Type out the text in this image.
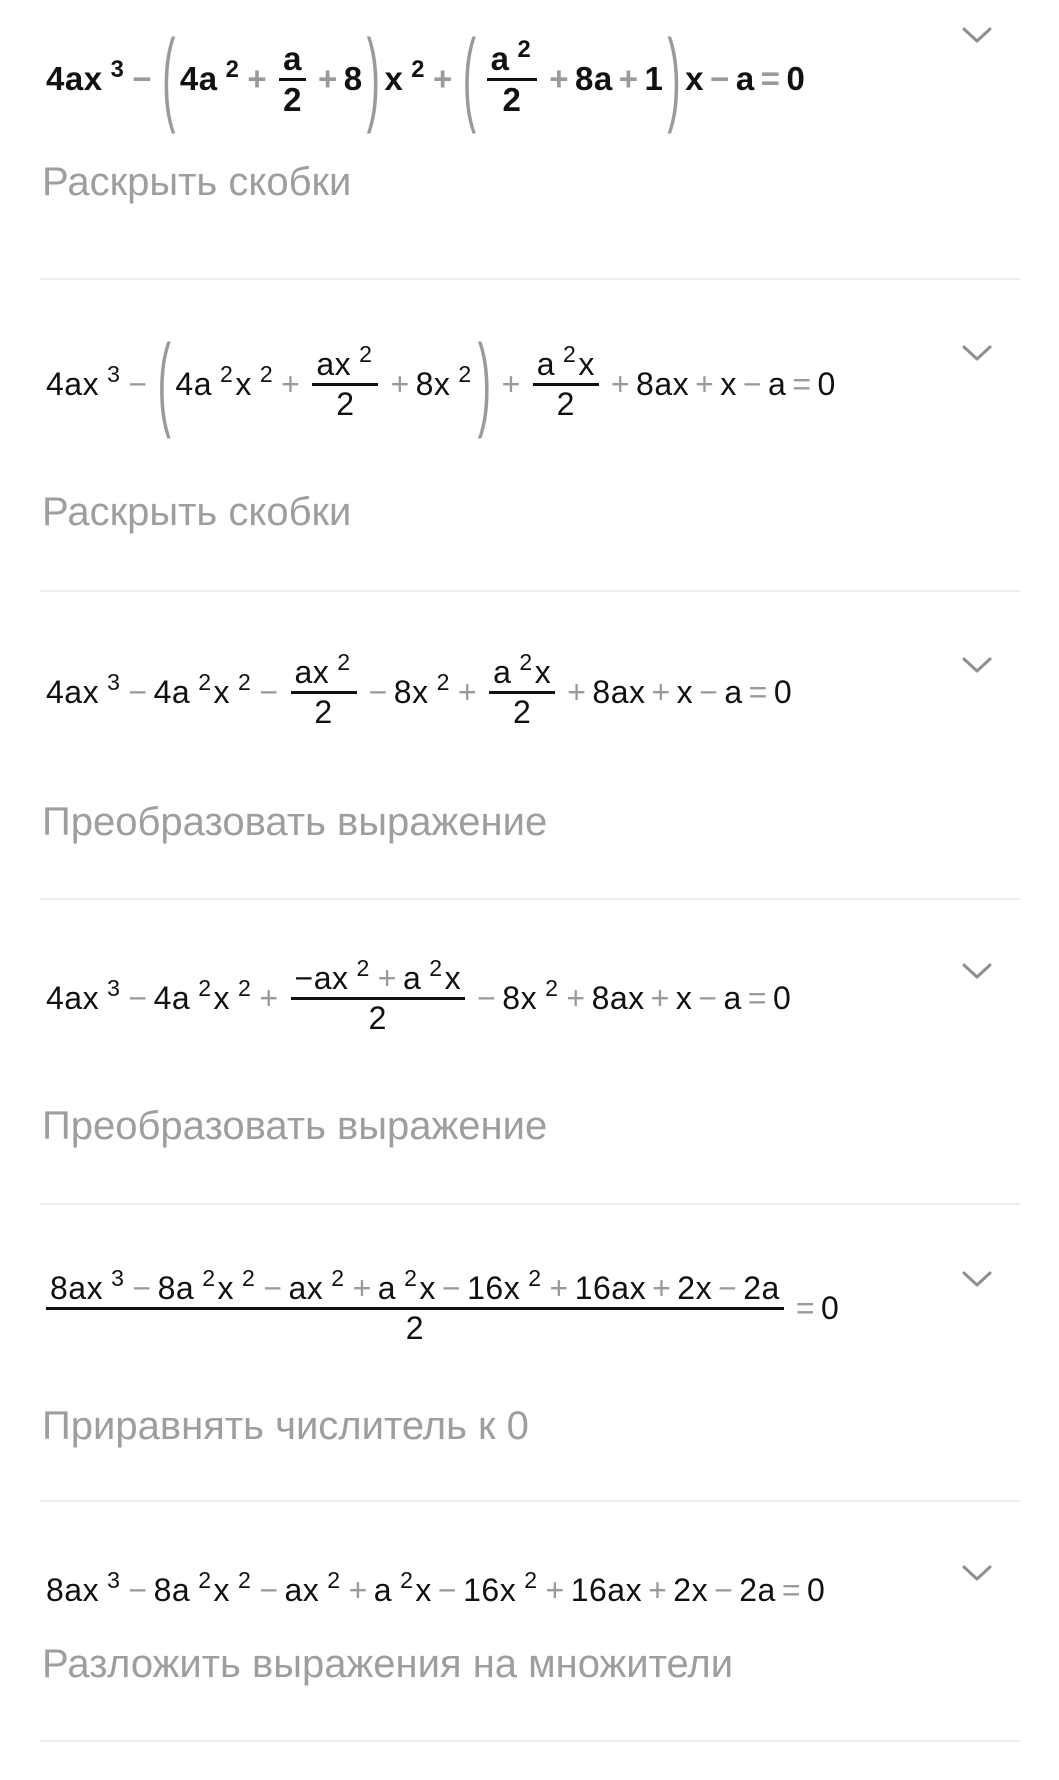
4ax $^3$ − ( 4a $^2 + \frac{a}{2} + 8$ ) x $^2$ + ( $\frac{a ^2}{2} + 8a + 1$ ) x − a = 0
Раскрыть скобки
4ax $^3$ − ( 4a $^2$x $^2 + \frac{ax ^2}{2} + 8x$ $^2$ ) + $\frac{a ^2x}{2} + 8ax + x - a = 0$
Раскрыть скобки
4ax $^3$ − 4a $^2$x $^2 - \frac{ax ^2}{2} - 8x$ $^2 + \frac{a ^2x}{2} + 8ax + x - a = 0$
Преобразовать выражение
4ax $^3$ − 4a $^2$x $^2 + \frac{-ax ^2 + a ^2x}{2} - 8x$ $^2$ + 8ax + x − a = 0
Преобразовать выражение
$\frac{8ax ^3 - 8a ^2x ^2 - ax ^2 + a ^2x - 16x ^2 + 16ax + 2x - 2a}{2} = 0$
Приравнять числитель к 0
8ax $^3$ − 8a $^2$x $^2$ − ax $^2$ + a $^2$x − 16x $^2$ + 16ax + 2x − 2a = 0
Разложить выражения на множители
